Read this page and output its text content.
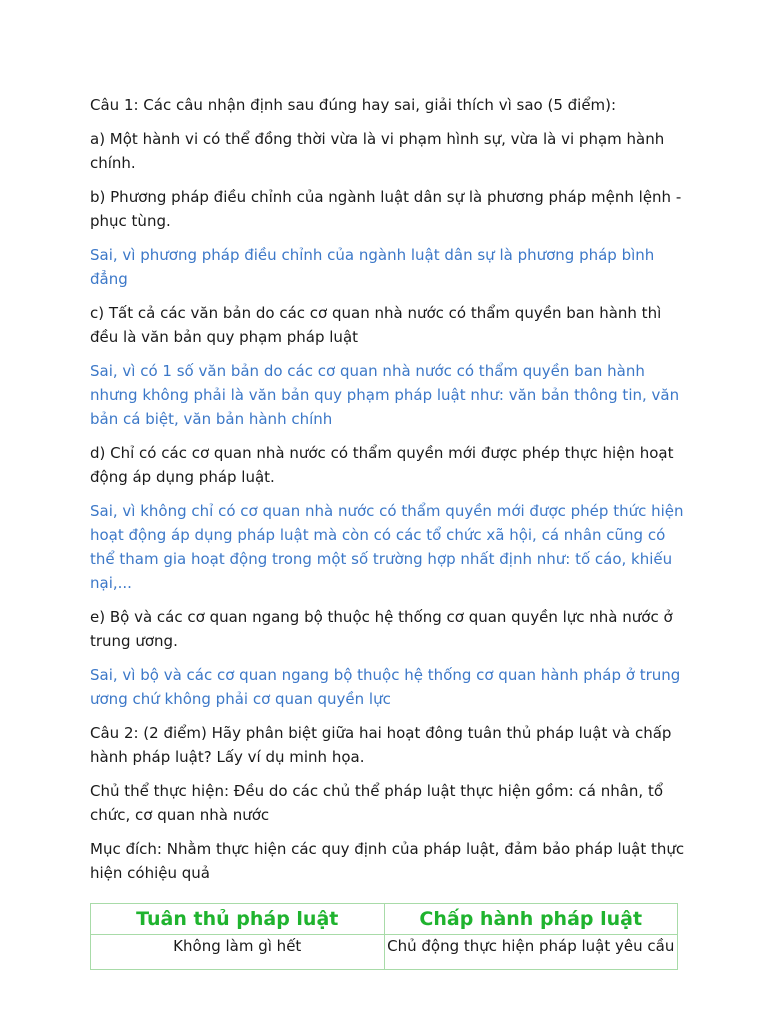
Câu 1: Các câu nhận định sau đúng hay sai, giải thích vì sao (5 điểm):

a) Một hành vi có thể đồng thời vừa là vi phạm hình sự, vừa là vi phạm hành chính.

b) Phương pháp điều chỉnh của ngành luật dân sự là phương pháp mệnh lệnh - phục tùng.

Sai, vì phương pháp điều chỉnh của ngành luật dân sự là phương pháp bình đẳng

c) Tất cả các văn bản do các cơ quan nhà nước có thẩm quyền ban hành thì đều là văn bản quy phạm pháp luật

Sai, vì có 1 số văn bản do các cơ quan nhà nước có thẩm quyền ban hành nhưng không phải là văn bản quy phạm pháp luật như: văn bản thông tin, văn bản cá biệt, văn bản hành chính

d) Chỉ có các cơ quan nhà nước có thẩm quyền mới được phép thực hiện hoạt động áp dụng pháp luật.

Sai, vì không chỉ có cơ quan nhà nước có thẩm quyền mới được phép thức hiện hoạt động áp dụng pháp luật mà còn có các tổ chức xã hội, cá nhân cũng có thể tham gia hoạt động trong một số trường hợp nhất định như: tố cáo, khiếu nại,...

e) Bộ và các cơ quan ngang bộ thuộc hệ thống cơ quan quyền lực nhà nước ở trung ương.

Sai, vì bộ và các cơ quan ngang bộ thuộc hệ thống cơ quan hành pháp ở trung ương chứ không phải cơ quan quyền lực

Câu 2: (2 điểm) Hãy phân biệt giữa hai hoạt đông tuân thủ pháp luật và chấp hành pháp luật? Lấy ví dụ minh họa.

Chủ thể thực hiện: Đều do các chủ thể pháp luật thực hiện gồm: cá nhân, tổ chức, cơ quan nhà nước

Mục đích: Nhằm thực hiện các quy định của pháp luật, đảm bảo pháp luật thực hiện cóhiệu quả

Tuân thủ pháp luật	Chấp hành pháp luật
Không làm gì hết	Chủ động thực hiện pháp luật yêu cầu
